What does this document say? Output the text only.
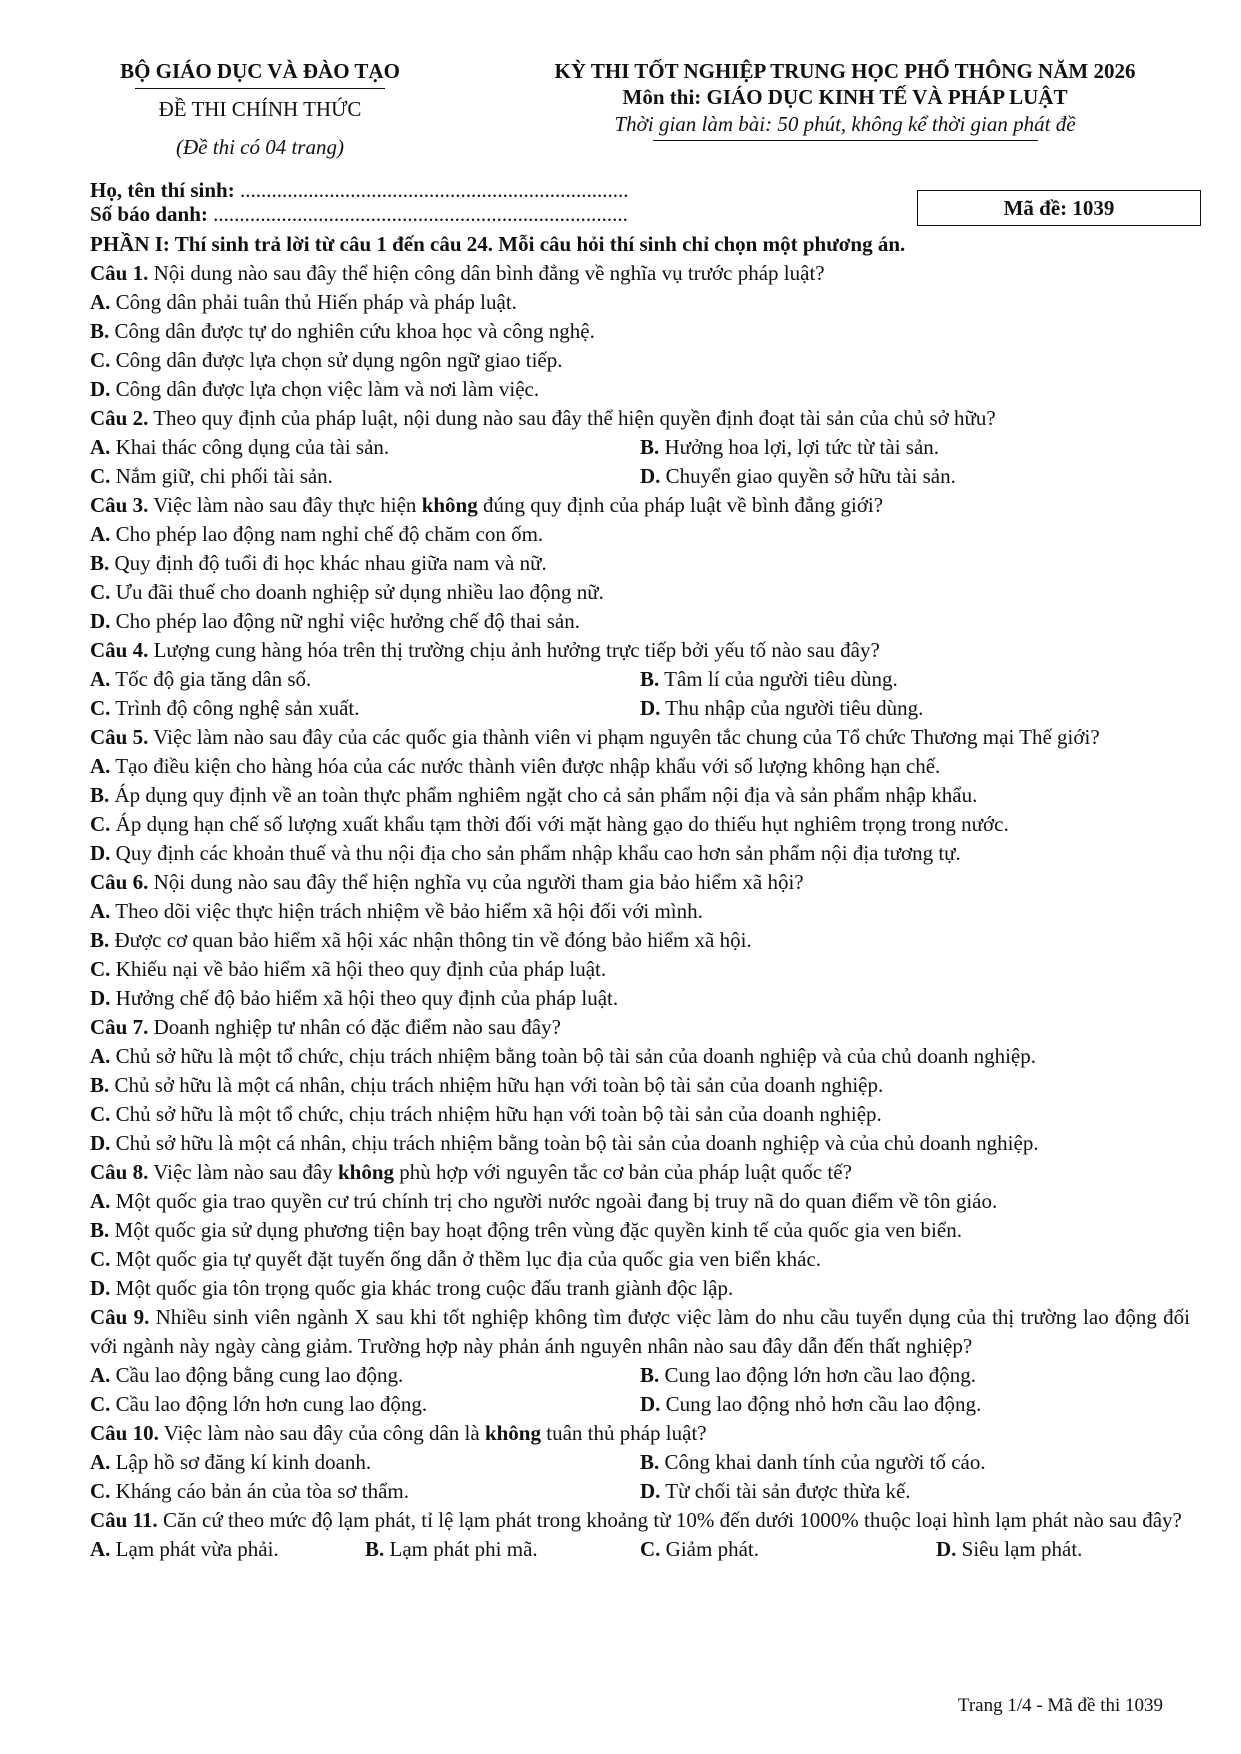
BỘ GIÁO DỤC VÀ ĐÀO TẠO
ĐỀ THI CHÍNH THỨC
(Đề thi có 04 trang)
KỲ THI TỐT NGHIỆP TRUNG HỌC PHỔ THÔNG NĂM 2026
Môn thi: GIÁO DỤC KINH TẾ VÀ PHÁP LUẬT
Thời gian làm bài: 50 phút, không kể thời gian phát đề
Họ, tên thí sinh: ..........................................................................
Số báo danh: ...............................................................................	Mã đề: 1039

PHẦN I: Thí sinh trả lời từ câu 1 đến câu 24. Mỗi câu hỏi thí sinh chỉ chọn một phương án.

Câu 1. Nội dung nào sau đây thể hiện công dân bình đẳng về nghĩa vụ trước pháp luật?

A. Công dân phải tuân thủ Hiến pháp và pháp luật.

B. Công dân được tự do nghiên cứu khoa học và công nghệ.

C. Công dân được lựa chọn sử dụng ngôn ngữ giao tiếp.

D. Công dân được lựa chọn việc làm và nơi làm việc.

Câu 2. Theo quy định của pháp luật, nội dung nào sau đây thể hiện quyền định đoạt tài sản của chủ sở hữu?

A. Khai thác công dụng của tài sản.	B. Hưởng hoa lợi, lợi tức từ tài sản.

C. Nắm giữ, chi phối tài sản.	D. Chuyển giao quyền sở hữu tài sản.

Câu 3. Việc làm nào sau đây thực hiện không đúng quy định của pháp luật về bình đẳng giới?

A. Cho phép lao động nam nghỉ chế độ chăm con ốm.

B. Quy định độ tuổi đi học khác nhau giữa nam và nữ.

C. Ưu đãi thuế cho doanh nghiệp sử dụng nhiều lao động nữ.

D. Cho phép lao động nữ nghỉ việc hưởng chế độ thai sản.

Câu 4. Lượng cung hàng hóa trên thị trường chịu ảnh hưởng trực tiếp bởi yếu tố nào sau đây?

A. Tốc độ gia tăng dân số.	B. Tâm lí của người tiêu dùng.

C. Trình độ công nghệ sản xuất.	D. Thu nhập của người tiêu dùng.

Câu 5. Việc làm nào sau đây của các quốc gia thành viên vi phạm nguyên tắc chung của Tổ chức Thương mại Thế giới?

A. Tạo điều kiện cho hàng hóa của các nước thành viên được nhập khẩu với số lượng không hạn chế.

B. Áp dụng quy định về an toàn thực phẩm nghiêm ngặt cho cả sản phẩm nội địa và sản phẩm nhập khẩu.

C. Áp dụng hạn chế số lượng xuất khẩu tạm thời đối với mặt hàng gạo do thiếu hụt nghiêm trọng trong nước.

D. Quy định các khoản thuế và thu nội địa cho sản phẩm nhập khẩu cao hơn sản phẩm nội địa tương tự.

Câu 6. Nội dung nào sau đây thể hiện nghĩa vụ của người tham gia bảo hiểm xã hội?

A. Theo dõi việc thực hiện trách nhiệm về bảo hiểm xã hội đối với mình.

B. Được cơ quan bảo hiểm xã hội xác nhận thông tin về đóng bảo hiểm xã hội.

C. Khiếu nại về bảo hiểm xã hội theo quy định của pháp luật.

D. Hưởng chế độ bảo hiểm xã hội theo quy định của pháp luật.

Câu 7. Doanh nghiệp tư nhân có đặc điểm nào sau đây?

A. Chủ sở hữu là một tổ chức, chịu trách nhiệm bằng toàn bộ tài sản của doanh nghiệp và của chủ doanh nghiệp.

B. Chủ sở hữu là một cá nhân, chịu trách nhiệm hữu hạn với toàn bộ tài sản của doanh nghiệp.

C. Chủ sở hữu là một tổ chức, chịu trách nhiệm hữu hạn với toàn bộ tài sản của doanh nghiệp.

D. Chủ sở hữu là một cá nhân, chịu trách nhiệm bằng toàn bộ tài sản của doanh nghiệp và của chủ doanh nghiệp.

Câu 8. Việc làm nào sau đây không phù hợp với nguyên tắc cơ bản của pháp luật quốc tế?

A. Một quốc gia trao quyền cư trú chính trị cho người nước ngoài đang bị truy nã do quan điểm về tôn giáo.

B. Một quốc gia sử dụng phương tiện bay hoạt động trên vùng đặc quyền kinh tế của quốc gia ven biển.

C. Một quốc gia tự quyết đặt tuyến ống dẫn ở thềm lục địa của quốc gia ven biển khác.

D. Một quốc gia tôn trọng quốc gia khác trong cuộc đấu tranh giành độc lập.

Câu 9. Nhiều sinh viên ngành X sau khi tốt nghiệp không tìm được việc làm do nhu cầu tuyển dụng của thị trường lao động đối với ngành này ngày càng giảm. Trường hợp này phản ánh nguyên nhân nào sau đây dẫn đến thất nghiệp?

A. Cầu lao động bằng cung lao động.	B. Cung lao động lớn hơn cầu lao động.

C. Cầu lao động lớn hơn cung lao động.	D. Cung lao động nhỏ hơn cầu lao động.

Câu 10. Việc làm nào sau đây của công dân là không tuân thủ pháp luật?

A. Lập hồ sơ đăng kí kinh doanh.	B. Công khai danh tính của người tố cáo.

C. Kháng cáo bản án của tòa sơ thẩm.	D. Từ chối tài sản được thừa kế.

Câu 11. Căn cứ theo mức độ lạm phát, tỉ lệ lạm phát trong khoảng từ 10% đến dưới 1000% thuộc loại hình lạm phát nào sau đây?

A. Lạm phát vừa phải.	B. Lạm phát phi mã.	C. Giảm phát.	D. Siêu lạm phát.

Trang 1/4 - Mã đề thi 1039
